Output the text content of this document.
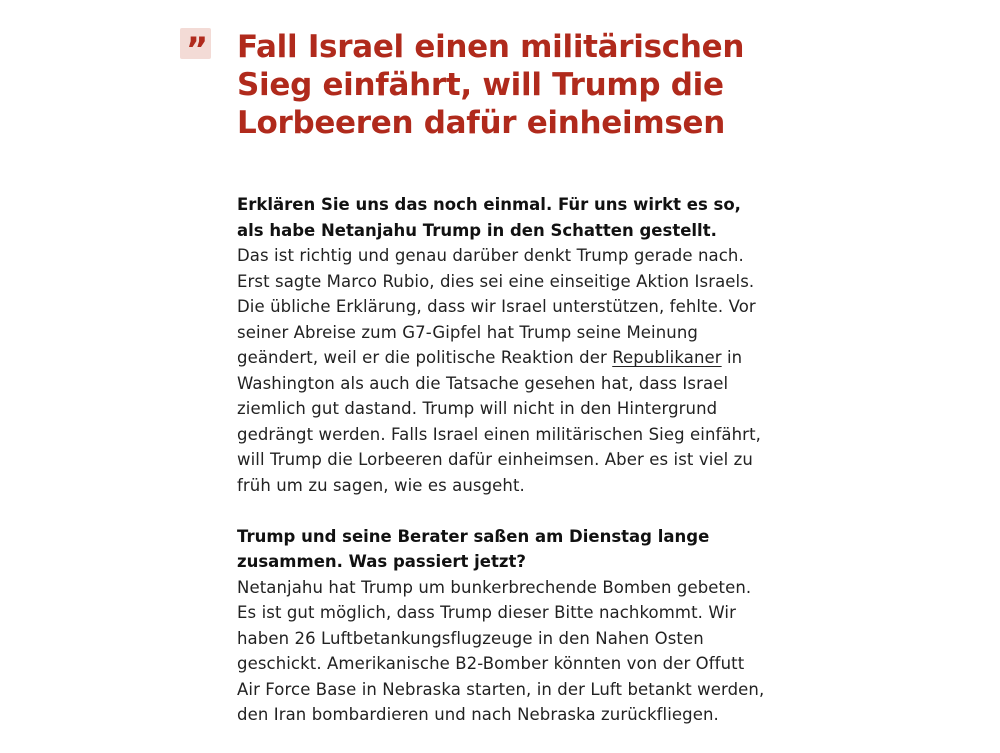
” Fall Israel einen militärischen Sieg einfährt, will Trump die Lorbeeren dafür einheimsen

Erklären Sie uns das noch einmal. Für uns wirkt es so, als habe Netanjahu Trump in den Schatten gestellt.

Das ist richtig und genau darüber denkt Trump gerade nach. Erst sagte Marco Rubio, dies sei eine einseitige Aktion Israels. Die übliche Erklärung, dass wir Israel unterstützen, fehlte. Vor seiner Abreise zum G7-Gipfel hat Trump seine Meinung geändert, weil er die politische Reaktion der Republikaner in Washington als auch die Tatsache gesehen hat, dass Israel ziemlich gut dastand. Trump will nicht in den Hintergrund gedrängt werden. Falls Israel einen militärischen Sieg einfährt, will Trump die Lorbeeren dafür einheimsen. Aber es ist viel zu früh um zu sagen, wie es ausgeht.

Trump und seine Berater saßen am Dienstag lange zusammen. Was passiert jetzt?

Netanjahu hat Trump um bunkerbrechende Bomben gebeten. Es ist gut möglich, dass Trump dieser Bitte nachkommt. Wir haben 26 Luftbetankungsflugzeuge in den Nahen Osten geschickt. Amerikanische B2-Bomber könnten von der Offutt Air Force Base in Nebraska starten, in der Luft betankt werden, den Iran bombardieren und nach Nebraska zurückfliegen.
